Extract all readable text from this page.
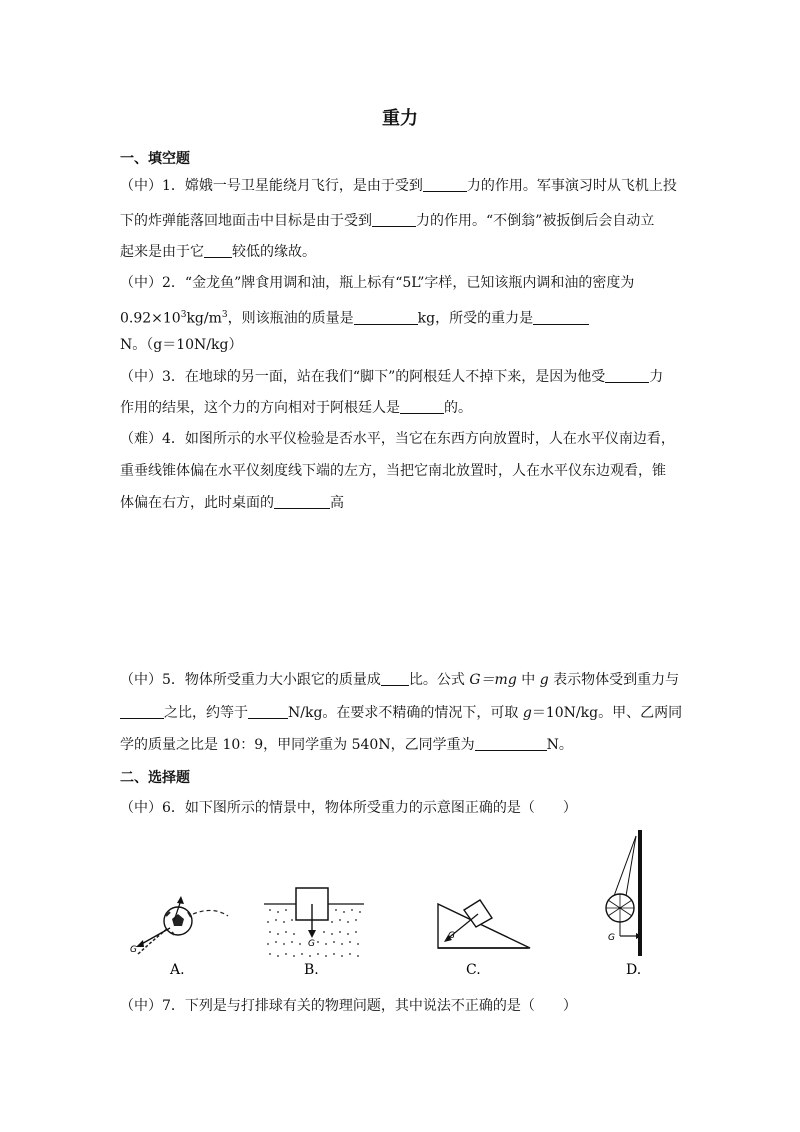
重力
一、填空题
（中）1．嫦娥一号卫星能绕月飞行，是由于受到	力的作用。军事演习时从飞机上投
下的炸弹能落回地面击中目标是由于受到	力的作用。“不倒翁”被扳倒后会自动立
起来是由于它 较低的缘故。
（中）2．“金龙鱼”牌食用调和油，瓶上标有“5L”字样，已知该瓶内调和油的密度为
$0.92\times 10^3kg/m^3$，则该瓶油的质量是	kg，所受的重力是
N。（g＝10N/kg）
（中）3．在地球的另一面，站在我们“脚下”的阿根廷人不掉下来，是因为他受	力
作用的结果，这个力的方向相对于阿根廷人是	的。
（难）4．如图所示的水平仪检验是否水平，当它在东西方向放置时，人在水平仪南边看，
重垂线锥体偏在水平仪刻度线下端的左方，当把它南北放置时，人在水平仪东边观看，锥
体偏在右方，此时桌面的	高
（中）5．物体所受重力大小跟它的质量成 比。公式 G＝mg 中 g 表示物体受到重力与
之比，约等于	N/kg。在要求不精确的情况下，可取 g＝10N/kg。甲、乙两同
学的质量之比是 10：9，甲同学重为 540N，乙同学重为	N。
二、选择题
（中）6．如下图所示的情景中，物体所受重力的示意图正确的是（　　）
G
A.
G
B.
G
C.
G
D.
（中）7．下列是与打排球有关的物理问题，其中说法不正确的是（　　）
